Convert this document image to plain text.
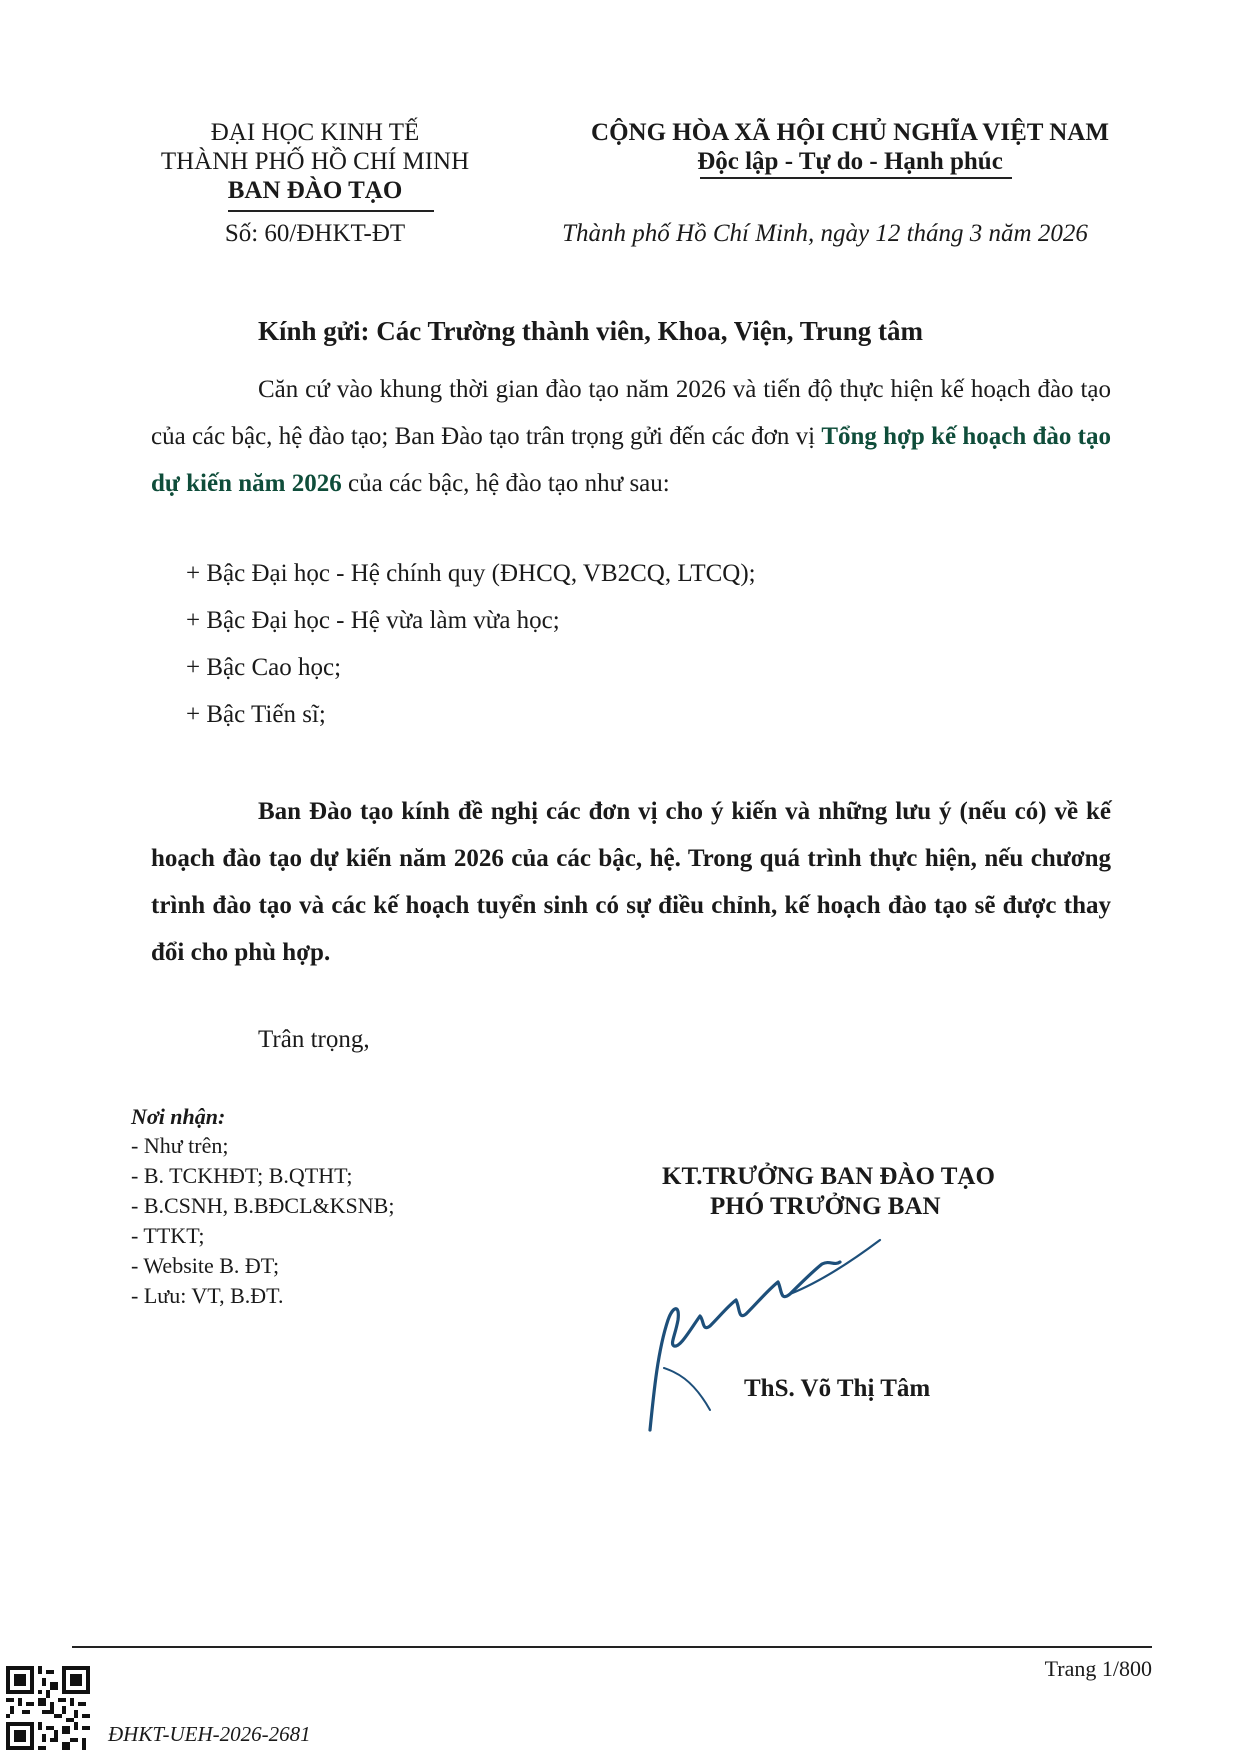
ĐẠI HỌC KINH TẾ
THÀNH PHỐ HỒ CHÍ MINH
BAN ĐÀO TẠO
Số: 60/ĐHKT-ĐT
CỘNG HÒA XÃ HỘI CHỦ NGHĨA VIỆT NAM
Độc lập - Tự do - Hạnh phúc
Thành phố Hồ Chí Minh, ngày 12 tháng 3 năm 2026
Kính gửi: Các Trường thành viên, Khoa, Viện, Trung tâm
Căn cứ vào khung thời gian đào tạo năm 2026 và tiến độ thực hiện kế hoạch đào tạo của các bậc, hệ đào tạo; Ban Đào tạo trân trọng gửi đến các đơn vị Tổng hợp kế hoạch đào tạo dự kiến năm 2026 của các bậc, hệ đào tạo như sau:
+ Bậc Đại học - Hệ chính quy (ĐHCQ, VB2CQ, LTCQ);
+ Bậc Đại học - Hệ vừa làm vừa học;
+ Bậc Cao học;
+ Bậc Tiến sĩ;
Ban Đào tạo kính đề nghị các đơn vị cho ý kiến và những lưu ý (nếu có) về kế hoạch đào tạo dự kiến năm 2026 của các bậc, hệ. Trong quá trình thực hiện, nếu chương trình đào tạo và các kế hoạch tuyển sinh có sự điều chỉnh, kế hoạch đào tạo sẽ được thay đổi cho phù hợp.
Trân trọng,
Nơi nhận:
- Như trên;
- B. TCKHĐT; B.QTHT;
- B.CSNH, B.BĐCL&KSNB;
- TTKT;
- Website B. ĐT;
- Lưu: VT, B.ĐT.
KT.TRƯỞNG BAN ĐÀO TẠO
PHÓ TRƯỞNG BAN
ThS. Võ Thị Tâm
Trang 1/800
ĐHKT-UEH-2026-2681
